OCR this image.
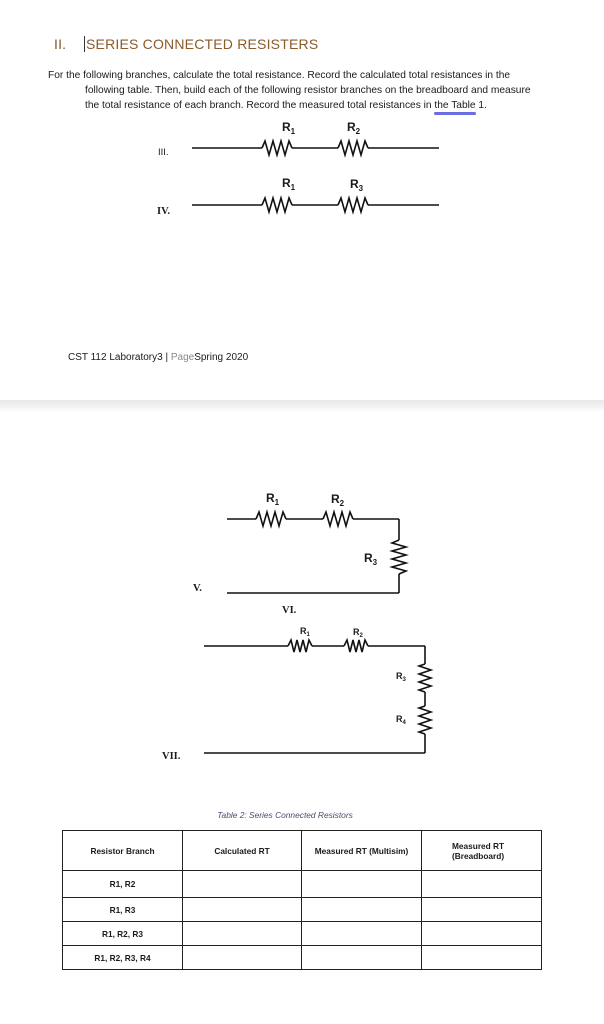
II. SERIES CONNECTED RESISTERS
For the following branches, calculate the total resistance. Record the calculated total resistances in the
following table. Then, build each of the following resistor branches on the breadboard and measure
the total resistance of each branch. Record the measured total resistances in the Table 1.
III.
IV.
V.
VI.
VII.
$R_1$	$R_2$
$R_1$	$R_3$
$R_1$	$R_2$
$R_3$
$R_1$	$R_2$
$R_3$
$R_4$
CST 112 Laboratory3 | PageSpring 2020
Table 2: Series Connected Resistors
Resistor Branch	Calculated RT	Measured RT (Multisim)	Measured RT
(Breadboard)
R1, R2			
R1, R3			
R1, R2, R3			
R1, R2, R3, R4			
